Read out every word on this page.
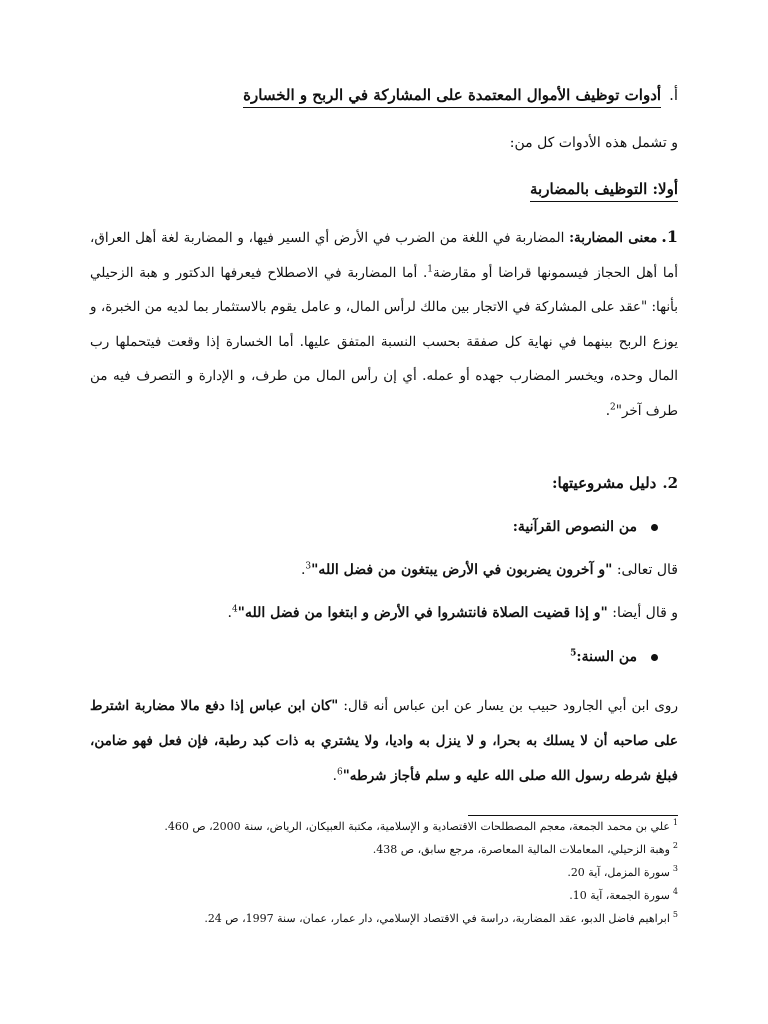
أ.أدوات توظيف الأموال المعتمدة على المشاركة في الربح و الخسارة
و تشمل هذه الأدوات كل من:
أولا: التوظيف بالمضاربة
1.معنى المضاربة: المضاربة في اللغة من الضرب في الأرض أي السير فيها، و المضاربة لغة أهل العراق، أما أهل الحجاز فيسمونها قراضا أو مقارضة$^1$. أما المضاربة في الاصطلاح فيعرفها الدكتور و هبة الزحيلي بأنها: "عقد على المشاركة في الاتجار بين مالك لرأس المال، و عامل يقوم بالاستثمار بما لديه من الخبرة، و يوزع الربح بينهما في نهاية كل صفقة بحسب النسبة المتفق عليها. أما الخسارة إذا وقعت فيتحملها رب المال وحده، ويخسر المضارب جهده أو عمله. أي إن رأس المال من طرف، و الإدارة و التصرف فيه من طرف آخر"$^2$.
2.دليل مشروعيتها:
من النصوص القرآنية:
قال تعالى: "و آخرون يضربون في الأرض يبتغون من فضل الله"$^3$.
و قال أيضا: "و إذا قضيت الصلاة فانتشروا في الأرض و ابتغوا من فضل الله"$^4$.
من السنة:$^5$
روى ابن أبي الجارود حبيب بن يسار عن ابن عباس أنه قال: "كان ابن عباس إذا دفع مالا مضاربة اشترط على صاحبه أن لا يسلك به بحرا، و لا ينزل به واديا، ولا يشتري به ذات كبد رطبة، فإن فعل فهو ضامن، فبلغ شرطه رسول الله صلى الله عليه و سلم فأجاز شرطه"$^6$.
$^1$علي بن محمد الجمعة، معجم المصطلحات الاقتصادية و الإسلامية، مكتبة العبيكان، الرياض، سنة 2000، ص 460.
$^2$وهبة الزحيلي، المعاملات المالية المعاصرة، مرجع سابق، ص 438.
$^3$سورة المزمل، آية 20.
$^4$سورة الجمعة، آية 10.
$^5$ابراهيم فاضل الدبو، عقد المضاربة، دراسة في الاقتصاد الإسلامي، دار عمار، عمان، سنة 1997، ص 24.
